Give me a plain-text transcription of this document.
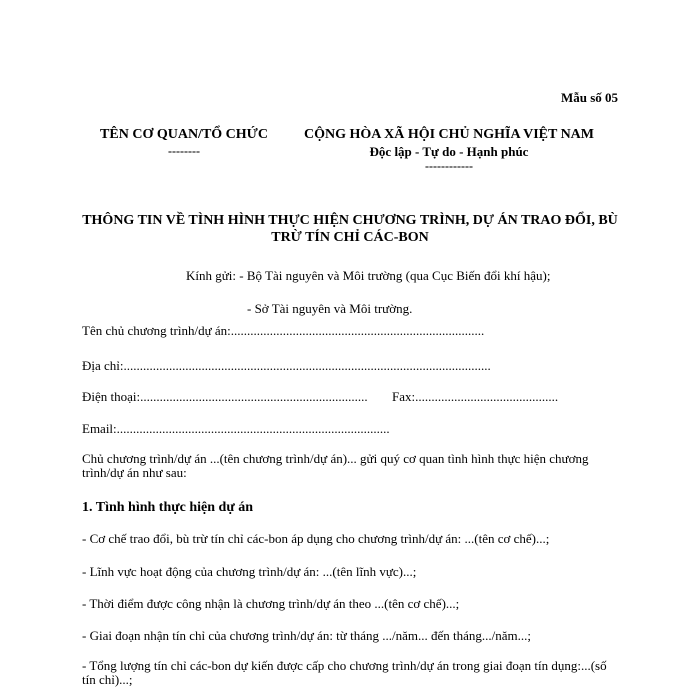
Mẫu số 05
TÊN CƠ QUAN/TỔ CHỨC
--------
CỘNG HÒA XÃ HỘI CHỦ NGHĨA VIỆT NAM
Độc lập - Tự do - Hạnh phúc
------------
THÔNG TIN VỀ TÌNH HÌNH THỰC HIỆN CHƯƠNG TRÌNH, DỰ ÁN TRAO ĐỔI, BÙ TRỪ TÍN CHỈ CÁC-BON
Kính gửi: - Bộ Tài nguyên và Môi trường (qua Cục Biến đổi khí hậu);
- Sở Tài nguyên và Môi trường.
Tên chủ chương trình/dự án:..............................................................................
Địa chỉ:.................................................................................................................
Điện thoại:...................................................................... Fax:............................................
Email:....................................................................................
Chủ chương trình/dự án ...(tên chương trình/dự án)... gửi quý cơ quan tình hình thực hiện chương trình/dự án như sau:
1. Tình hình thực hiện dự án
- Cơ chế trao đổi, bù trừ tín chỉ các-bon áp dụng cho chương trình/dự án: ...(tên cơ chế)...;
- Lĩnh vực hoạt động của chương trình/dự án: ...(tên lĩnh vực)...;
- Thời điểm được công nhận là chương trình/dự án theo ...(tên cơ chế)...;
- Giai đoạn nhận tín chỉ của chương trình/dự án: từ tháng .../năm... đến tháng.../năm...;
- Tổng lượng tín chỉ các-bon dự kiến được cấp cho chương trình/dự án trong giai đoạn tín dụng:...(số tín chỉ)...;
